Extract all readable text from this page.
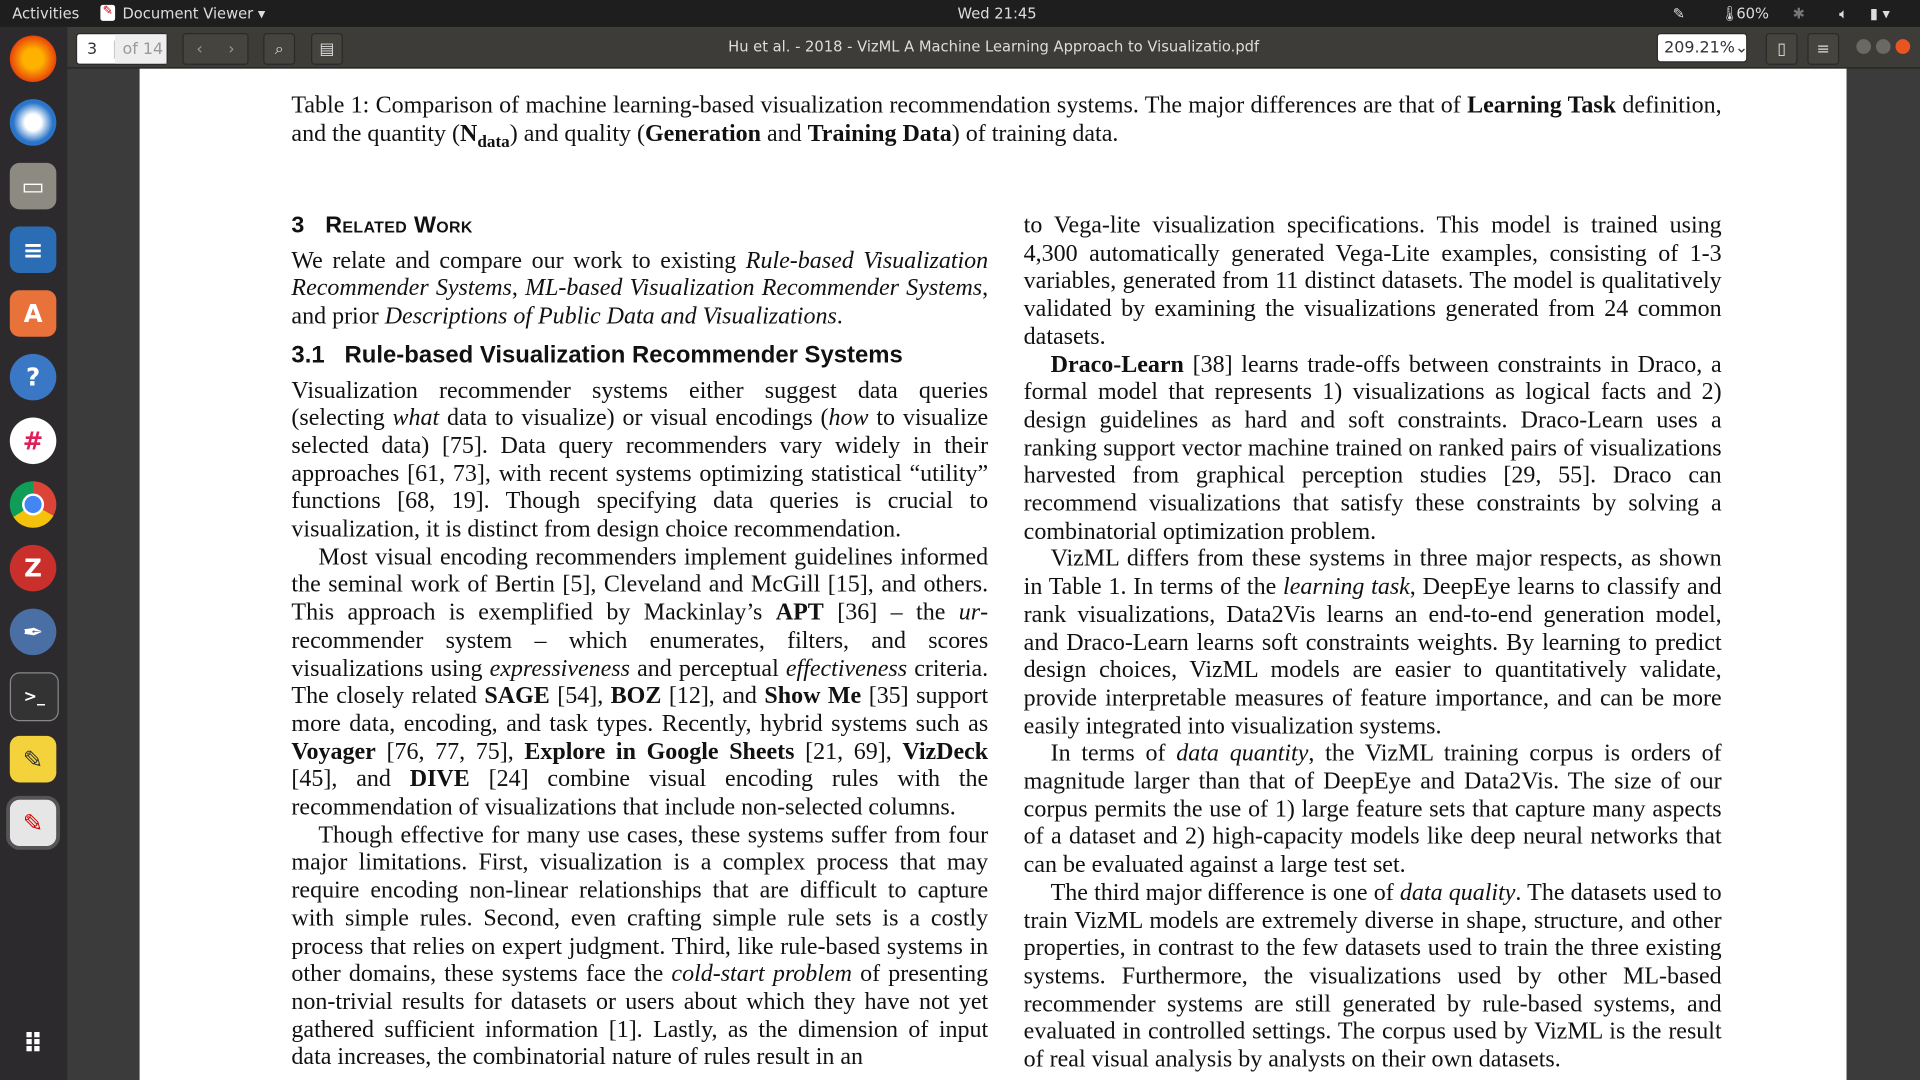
Activities ✎ Document Viewer ▾	Wed 21:45	✎	🌡︎
60% ✱	🔈︎ ▮ ▾
▭
≡
A
?
#
Z
✒
>_
✎
✎
⠿
3	of 14	‹	›	⌕	▤	Hu et al. - 2018 - VizML A Machine Learning Approach to Visualizatio.pdf	209.21% ⌄ ▯ ≡
Table 1: Comparison of machine learning-based visualization recommendation systems. The major differences are that of Learning Task definition, and the quantity $(N_{data})$ and quality (Generation and Training Data) of training data.
3 Related Work
We relate and compare our work to existing Rule-based Visualization Recommender Systems, ML-based Visualization Recommender Systems, and prior Descriptions of Public Data and Visualizations.
3.1 Rule-based Visualization Recommender Systems
Visualization recommender systems either suggest data queries (selecting what data to visualize) or visual encodings (how to visualize selected data) [75]. Data query recommenders vary widely in their approaches [61, 73], with recent systems optimizing statistical “utility” functions [68, 19]. Though specifying data queries is crucial to visualization, it is distinct from design choice recommendation.
Most visual encoding recommenders implement guidelines informed the seminal work of Bertin [5], Cleveland and McGill [15], and others. This approach is exemplified by Mackinlay’s APT [36] – the ur-recommender system – which enumerates, filters, and scores visualizations using expressiveness and perceptual effectiveness criteria. The closely related SAGE [54], BOZ [12], and Show Me [35] support more data, encoding, and task types. Recently, hybrid systems such as Voyager [76, 77, 75], Explore in Google Sheets [21, 69], VizDeck [45], and DIVE [24] combine visual encoding rules with the recommendation of visualizations that include non-selected columns.
Though effective for many use cases, these systems suffer from four major limitations. First, visualization is a complex process that may require encoding non-linear relationships that are difficult to capture with simple rules. Second, even crafting simple rule sets is a costly process that relies on expert judgment. Third, like rule-based systems in other domains, these systems face the cold-start problem of presenting non-trivial results for datasets or users about which they have not yet gathered sufficient information [1]. Lastly, as the dimension of input data increases, the combinatorial nature of rules result in an
to Vega-lite visualization specifications. This model is trained using 4,300 automatically generated Vega-Lite examples, consisting of 1-3 variables, generated from 11 distinct datasets. The model is qualitatively validated by examining the visualizations generated from 24 common datasets.
Draco-Learn [38] learns trade-offs between constraints in Draco, a formal model that represents 1) visualizations as logical facts and 2) design guidelines as hard and soft constraints. Draco-Learn uses a ranking support vector machine trained on ranked pairs of visualizations harvested from graphical perception studies [29, 55]. Draco can recommend visualizations that satisfy these constraints by solving a combinatorial optimization problem.
VizML differs from these systems in three major respects, as shown in Table 1. In terms of the learning task, DeepEye learns to classify and rank visualizations, Data2Vis learns an end-to-end generation model, and Draco-Learn learns soft constraints weights. By learning to predict design choices, VizML models are easier to quantitatively validate, provide interpretable measures of feature importance, and can be more easily integrated into visualization systems.
In terms of data quantity, the VizML training corpus is orders of magnitude larger than that of DeepEye and Data2Vis. The size of our corpus permits the use of 1) large feature sets that capture many aspects of a dataset and 2) high-capacity models like deep neural networks that can be evaluated against a large test set.
The third major difference is one of data quality. The datasets used to train VizML models are extremely diverse in shape, structure, and other properties, in contrast to the few datasets used to train the three existing systems. Furthermore, the visualizations used by other ML-based recommender systems are still generated by rule-based systems, and evaluated in controlled settings. The corpus used by VizML is the result of real visual analysis by analysts on their own datasets.
